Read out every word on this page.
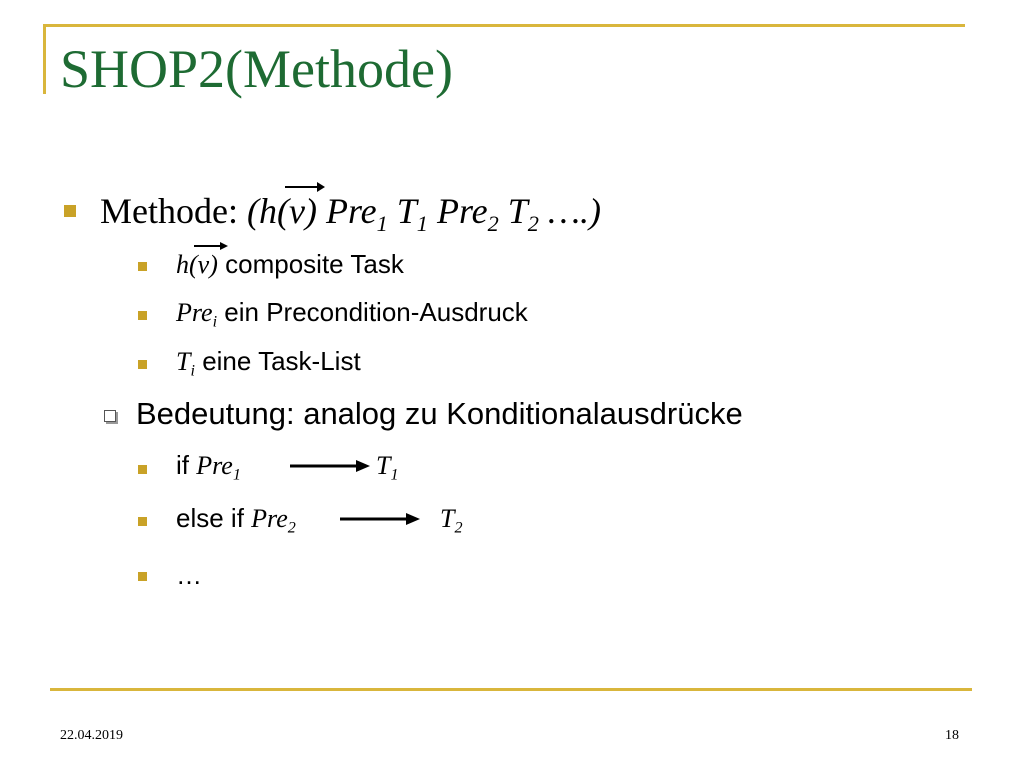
SHOP2(Methode)
Methode: (h(
v) Pre$_1$ $T_1$ Pre$_2$ $T_2$ ….)
h(
v) composite Task
Pre$_i$ ein Precondition-Ausdruck
$T_i$ eine Task-List
Bedeutung: analog zu Konditionalausdrücke
if Pre$_1$	$T_1$
else if Pre$_2$	$T_2$
…
22.04.2019	18
